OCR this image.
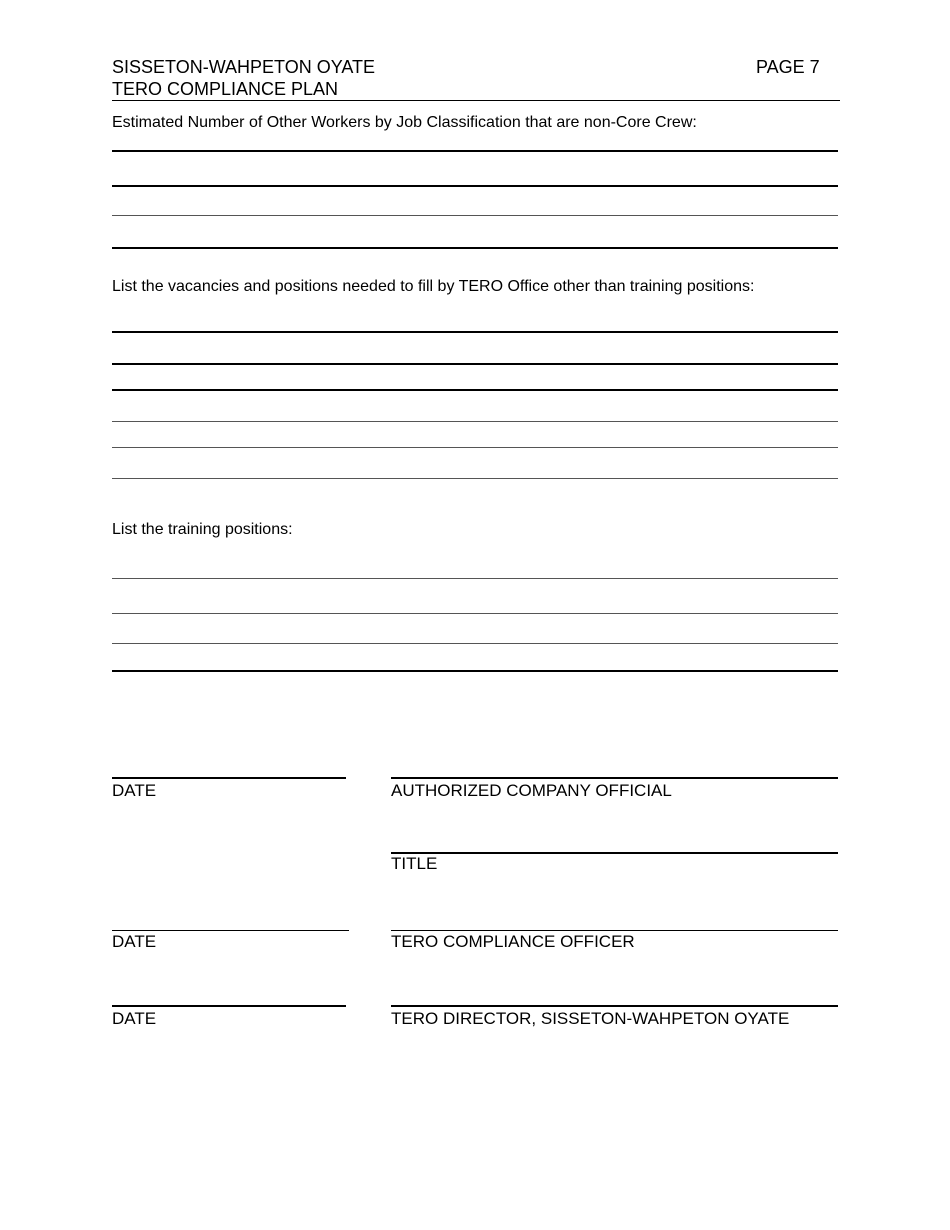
SISSETON-WAHPETON OYATE
TERO COMPLIANCE PLAN
PAGE 7
Estimated Number of Other Workers by Job Classification that are non-Core Crew:
List the vacancies and positions needed to fill by TERO Office other than training positions:
List the training positions:
DATE	AUTHORIZED COMPANY OFFICIAL
TITLE
DATE	TERO COMPLIANCE OFFICER
DATE	TERO DIRECTOR, SISSETON-WAHPETON OYATE
